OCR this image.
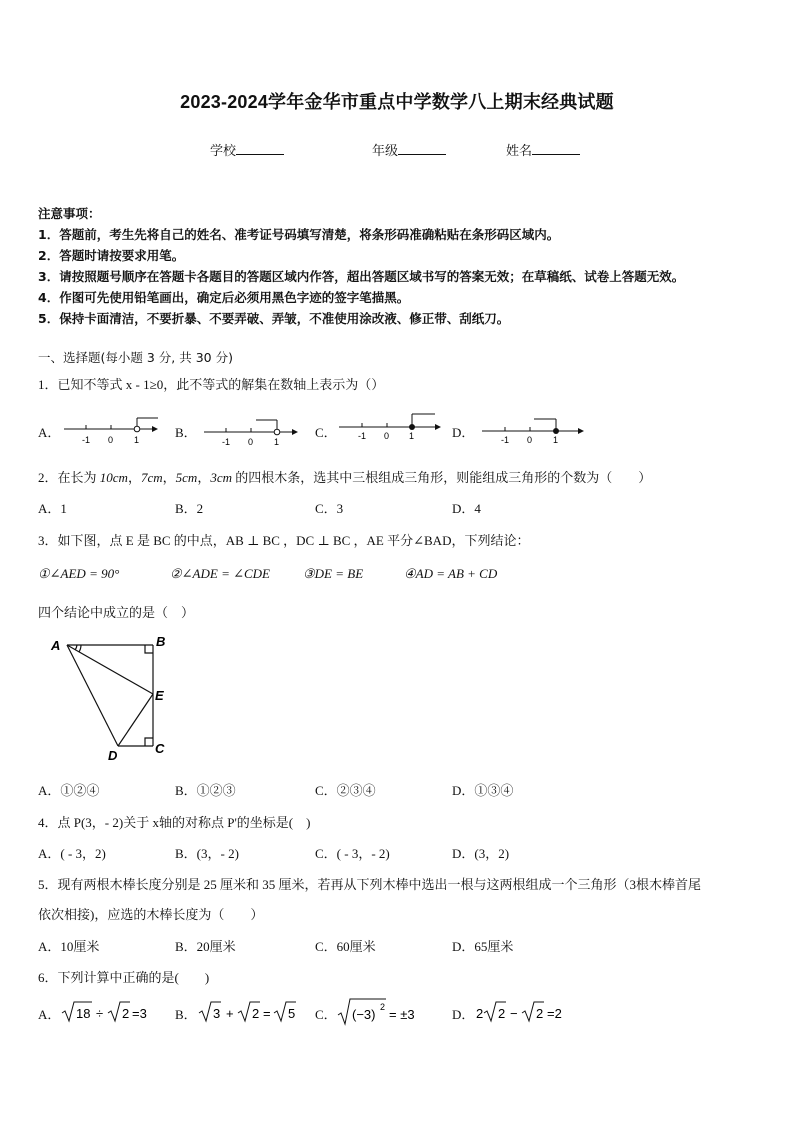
2023-2024学年金华市重点中学数学八上期末经典试题
学校	年级	姓名
注意事项：
1．答题前，考生先将自己的姓名、准考证号码填写清楚，将条形码准确粘贴在条形码区域内。
2．答题时请按要求用笔。
3．请按照题号顺序在答题卡各题目的答题区域内作答，超出答题区域书写的答案无效；在草稿纸、试卷上答题无效。
4．作图可先使用铅笔画出，确定后必须用黑色字迹的签字笔描黑。
5．保持卡面清洁，不要折暴、不要弄破、弄皱，不准使用涂改液、修正带、刮纸刀。
一、选择题(每小题 3 分, 共 30 分)
1．已知不等式 x - 1≥0，此不等式的解集在数轴上表示为（）
A． -1 0 1	B．
-1 0 1
C． -1 0 1	D．	-1 0 1
2．在长为 10cm，7cm，5cm，3cm 的四根木条，选其中三根组成三角形，则能组成三角形的个数为（　　）
A．1	B．2	C．3	D．4
3．如下图，点 E 是 BC 的中点，AB ⊥ BC ，DC ⊥ BC ，AE 平分∠BAD，下列结论：
①∠AED = 90°	②∠ADE = ∠CDE	③DE = BE	④AD = AB + CD
四个结论中成立的是（　）
A	B
E
C
D
A．①②④	B．①②③	C．②③④	D．①③④
4．点 P(3，- 2)关于 x轴的对称点 P'的坐标是(　)
A．( - 3，2)	B．(3，- 2)	C．( - 3，- 2)	D．(3，2)
5．现有两根木棒长度分别是 25 厘米和 35 厘米，若再从下列木棒中选出一根与这两根组成一个三角形（3根木棒首尾
依次相接)，应选的木棒长度为（　　）
A．10厘米	B．20厘米	C．60厘米	D．65厘米
6．下列计算中正确的是(　　)
A． 18 ÷ 2 =3 B． 3 + 2 = 5 C． (−3) 2 = ±3	D． 2 2 − 2 =2
